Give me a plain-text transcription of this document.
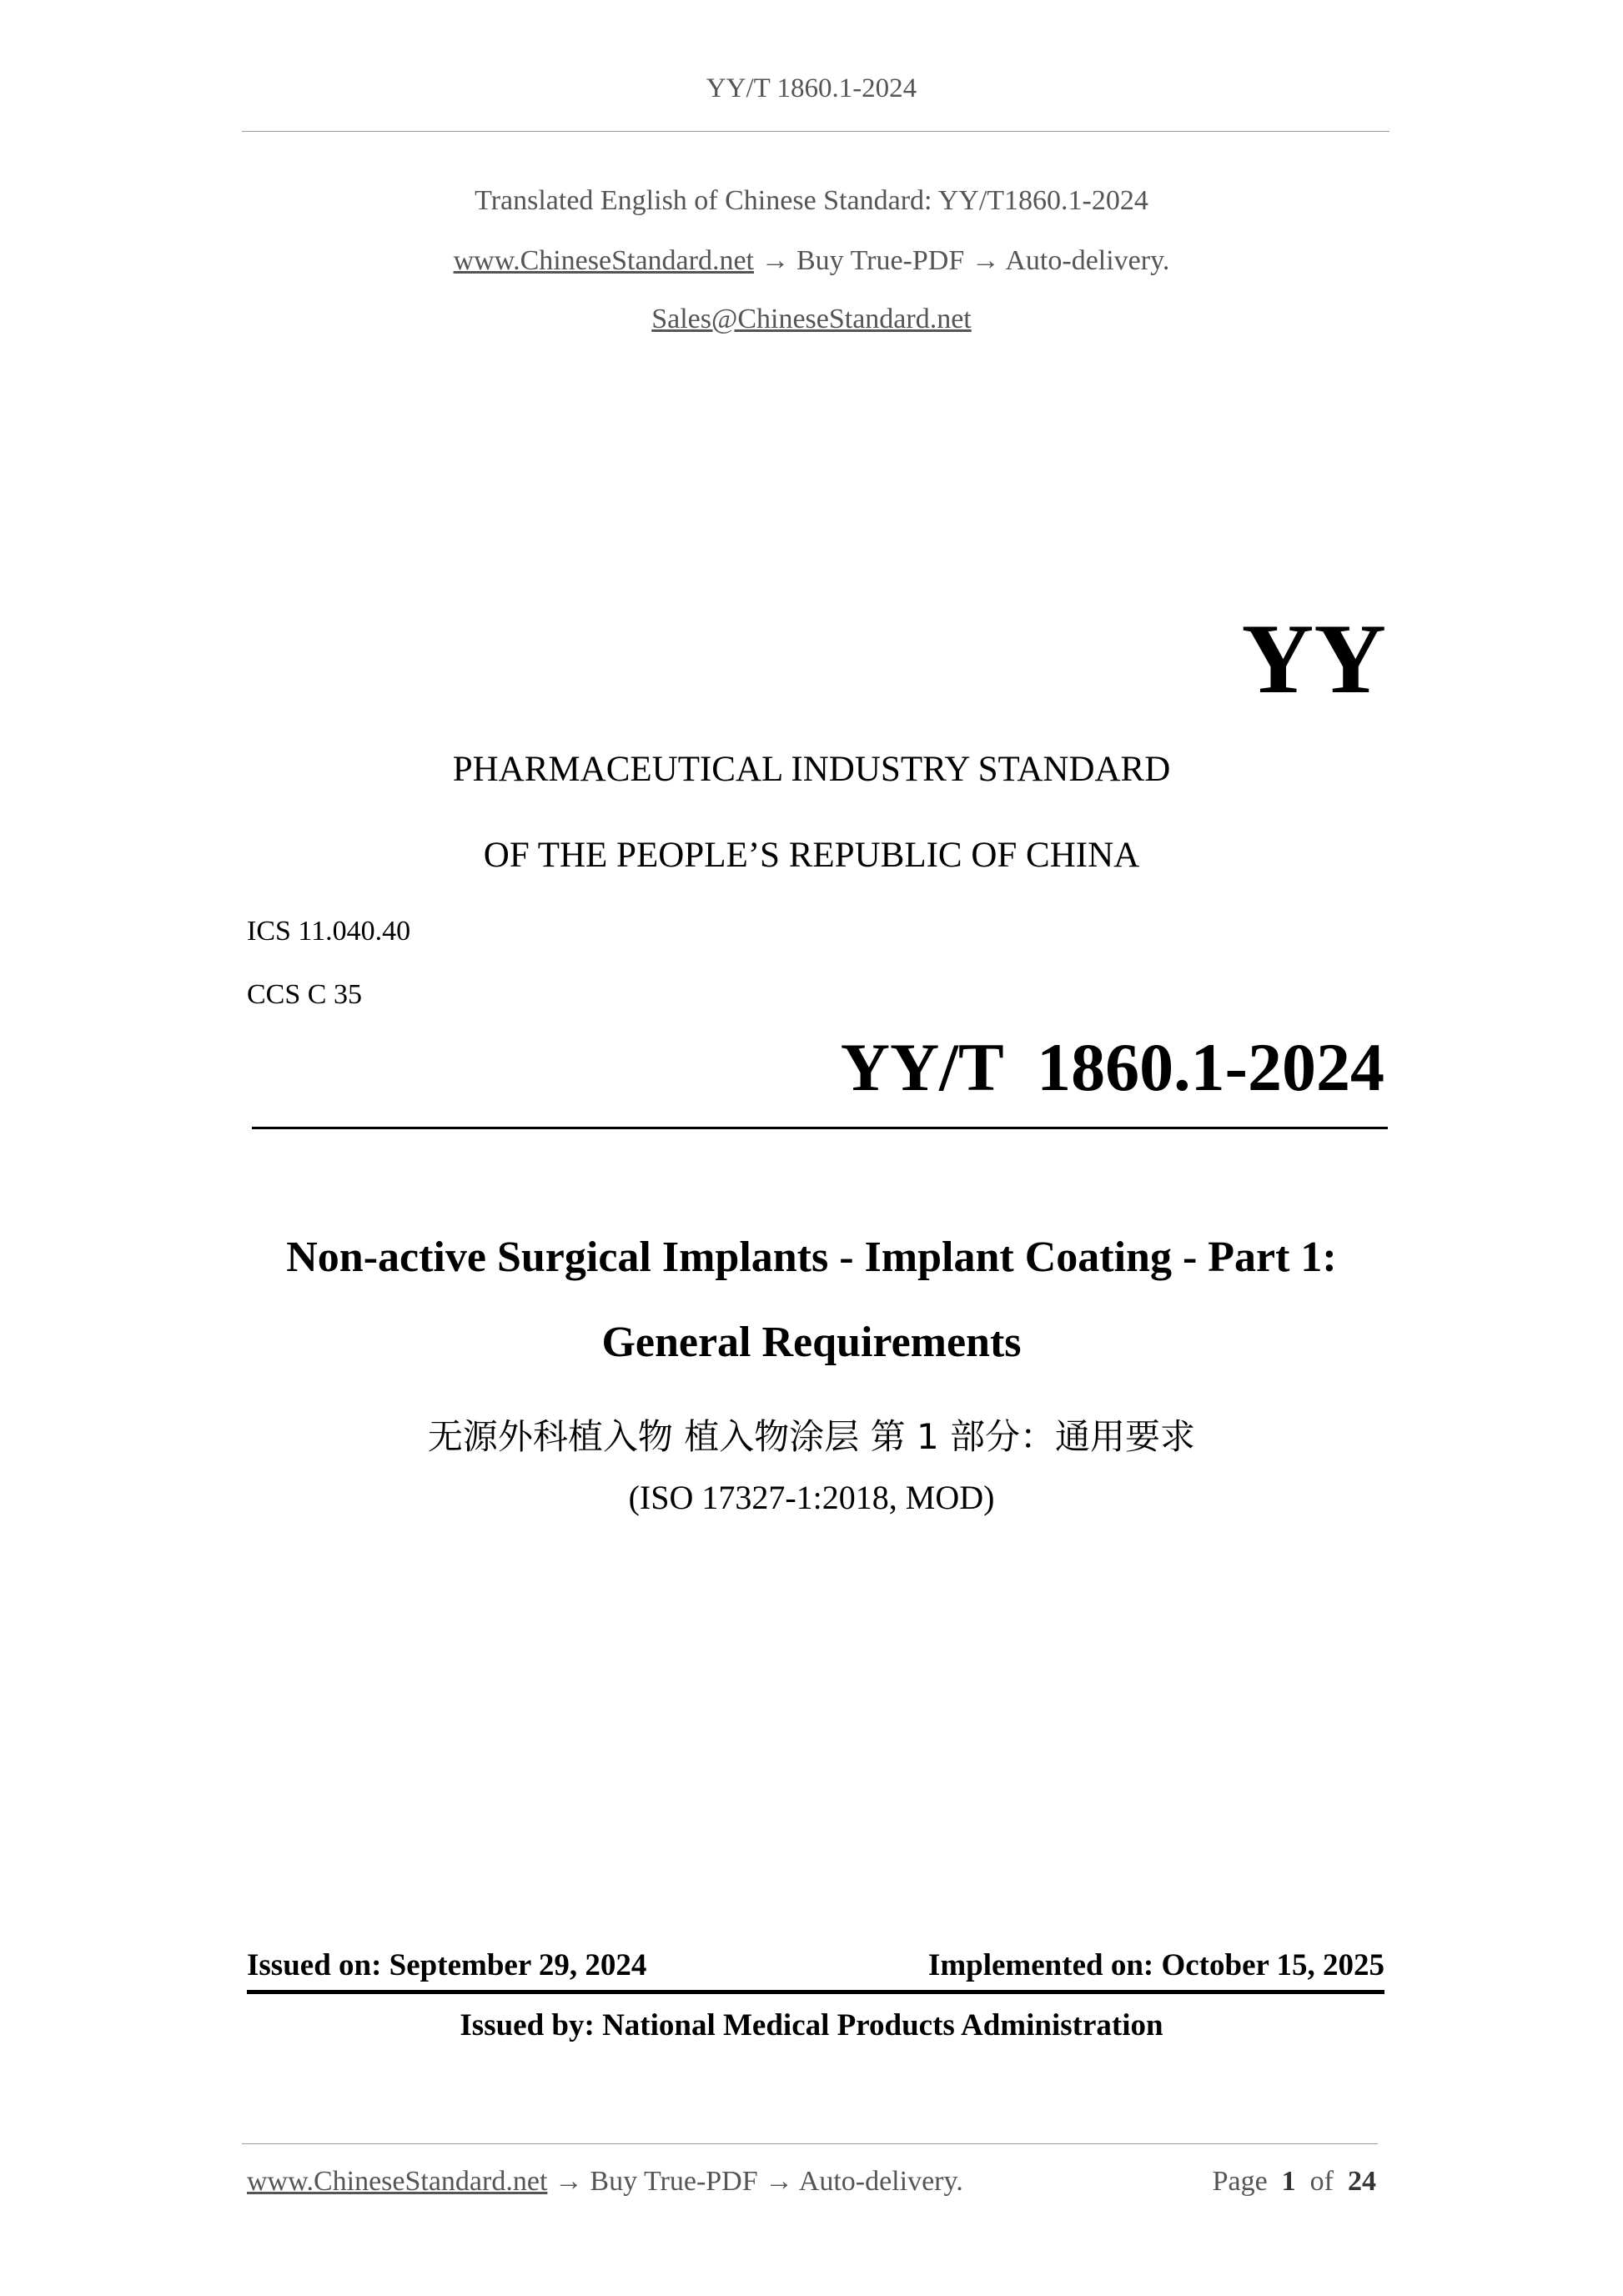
YY/T 1860.1-2024
Translated English of Chinese Standard: YY/T1860.1-2024
www.ChineseStandard.net → Buy True-PDF → Auto-delivery.
Sales@ChineseStandard.net
YY
PHARMACEUTICAL INDUSTRY STANDARD
OF THE PEOPLE’S REPUBLIC OF CHINA
ICS 11.040.40
CCS C 35
YY/T  1860.1-2024
Non-active Surgical Implants - Implant Coating - Part 1:
General Requirements
无源外科植入物 植入物涂层 第 1 部分：通用要求
(ISO 17327-1:2018, MOD)
Issued on: September 29, 2024	Implemented on: October 15, 2025
Issued by: National Medical Products Administration
www.ChineseStandard.net → Buy True-PDF → Auto-delivery.	Page 1 of 24
